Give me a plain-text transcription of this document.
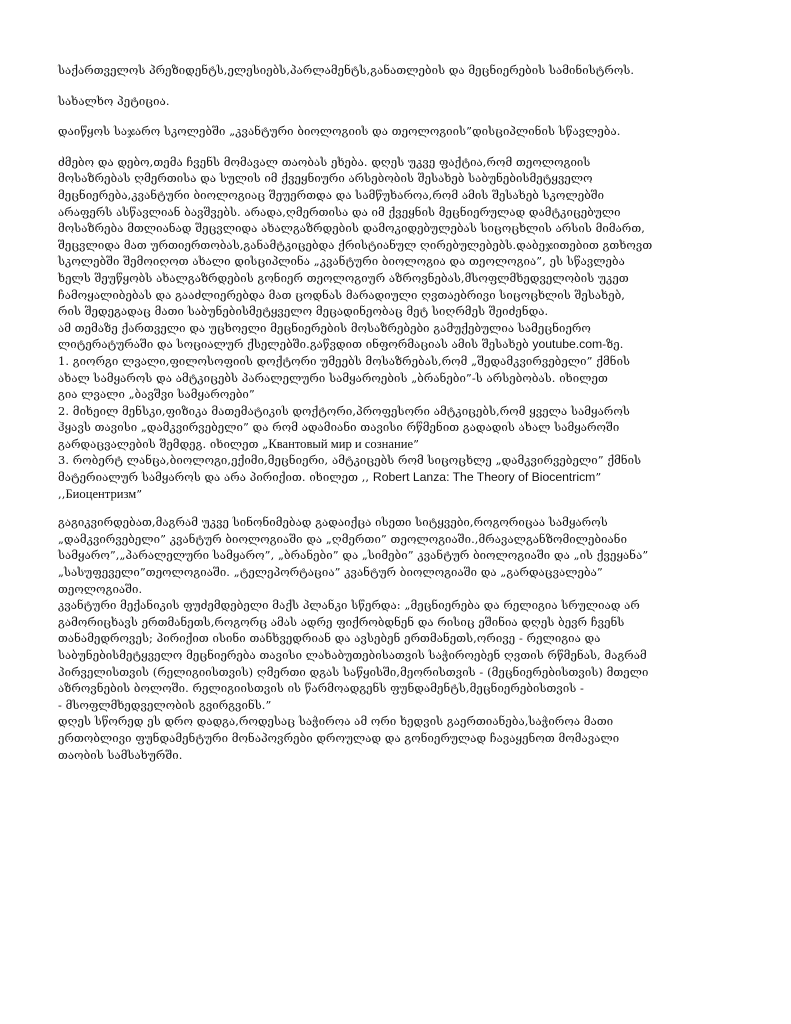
საქართველოს პრეზიდენტს,ელესიებს,პარლამენტს,განათლების და მეცნიერების სამინისტროს.

სახალხო პეტიცია.

დაიწყოს საჯარო სკოლებში „კვანტური ბიოლოგიის და თეოლოგიის”დისციპლინის სწავლება.

ძმებო და დებო,თემა ჩვენს მომავალ თაობას ეხება. დღეს უკვე ფაქტია,რომ თეოლოგიის
მოსაზრებას ღმერთისა და სულის იმ ქვეყნიური არსებობის შესახებ საბუნებისმეტყველო
მეცნიერება,კვანტური ბიოლოგიაც შეუერთდა და სამწუხაროა,რომ ამის შესახებ სკოლებში
არაფერს ასწავლიან ბავშვებს. არადა,ღმერთისა და იმ ქვეყნის მეცნიერულად დამტკიცებული
მოსაზრება მთლიანად შეცვლიდა ახალგაზრდების დამოკიდებულებას სიცოცხლის არსის მიმართ,
შეცვლიდა მათ ურთიერთობას,განამტკიცებდა ქრისტიანულ ღირებულებებს.დაბეჯითებით გთხოვთ
სკოლებში შემოიღოთ ახალი დისციპლინა „კვანტური ბიოლოგია და თეოლოგია”, ეს სწავლება
ხელს შეუწყობს ახალგაზრდების გონიერ თეოლოგიურ აზროვნებას,მსოფლმხედველობის უკეთ
ჩამოყალიბებას და გააძლიერებდა მათ ცოდნას მარადიული ღვთაებრივი სიცოცხლის შესახებ,
რის შედეგადაც მათი საბუნებისმეტყველო მეცადინეობაც მეტ სიღრმეს შეიძენდა.

ამ თემაზე ქართველი და უცხოელი მეცნიერების მოსაზრებები გამუქებულია სამეცნიერო
ლიტერატურაში და სოციალურ ქსელებში.გაწვდით ინფორმაციას ამის შესახებ youtube.com-ზე.
1. გიორგი ლვალი,ფილოსოფიის დოქტორი უმეებს მოსაზრებას,რომ „შედამკვირვებელი” ქმნის
ახალ სამყაროს და ამტკიცებს პარალელური სამყაროების „ბრანები”-ს არსებობას. იხილეთ
გია ლვალი „ბავშვი სამყაროები”
2. მიხეილ მენსკი,ფიზიკა მათემატიკის დოქტორი,პროფესორი ამტკიცებს,რომ ყველა სამყაროს
ჰყავს თავისი „დამკვირვებელი” და რომ ადამიანი თავისი რწმენით გადადის ახალ სამყაროში
გარდაცვალების შემდეგ. იხილეთ „Квантовый мир и сознание”
3. რობერტ ლანცა,ბიოლოგი,ექიმი,მეცნიერი, ამტკიცებს რომ სიცოცხლე „დამკვირვებელი” ქმნის
მატერიალურ სამყაროს და არა პირიქით. იხილეთ ,, Robert Lanza: The Theory of Biocentricm”
,,Биоцентризм”

გაგიკვირდებათ,მაგრამ უკვე სინონიმებად გადაიქცა ისეთი სიტყვები,როგორიცაა სამყაროს
„დამკვირვებელი” კვანტურ ბიოლოგიაში და „ღმერთი” თეოლოგიაში.,მრავალგანზომილებიანი
სამყარო”,„პარალელური სამყარო”, „ბრანები” და „სიმები” კვანტურ ბიოლოგიაში და „ის ქვეყანა”
„სასუფეველი”თეოლოგიაში. „ტელეპორტაცია” კვანტურ ბიოლოგიაში და „გარდაცვალება”
თეოლოგიაში.

კვანტური მექანიკის ფუძემდებელი მაქს პლანკი სწერდა: „მეცნიერება და რელიგია სრულიად არ
გამორიცხავს ერთმანეთს,როგორც ამას ადრე ფიქრობდნენ და რისიც ეშინია დღეს ბევრ ჩვენს
თანამედროვეს; პირიქით ისინი თანხვედრიან და ავსებენ ერთმანეთს,ორივე - რელიგია და
საბუნებისმეტყველო მეცნიერება თავისი ლახაბუთებისათვის საჭიროებენ ღვთის რწმენას, მაგრამ
პირველისთვის (რელიგიისთვის) ღმერთი დგას საწყისში,მეორისთვის - (მეცნიერებისთვის) მთელი
აზროვნების ბოლოში. რელიგიისთვის ის წარმოადგენს ფუნდამენტს,მეცნიერებისთვის -
- მსოფლმხედველობის გვირგვინს.”

დღეს სწორედ ეს დრო დადგა,როდესაც საჭიროა ამ ორი ხედვის გაერთიანება,საჭიროა მათი
ერთობლივი ფუნდამენტური მონაპოვრები დროულად და გონიერულად ჩავაყენოთ მომავალი
თაობის სამსახურში.
